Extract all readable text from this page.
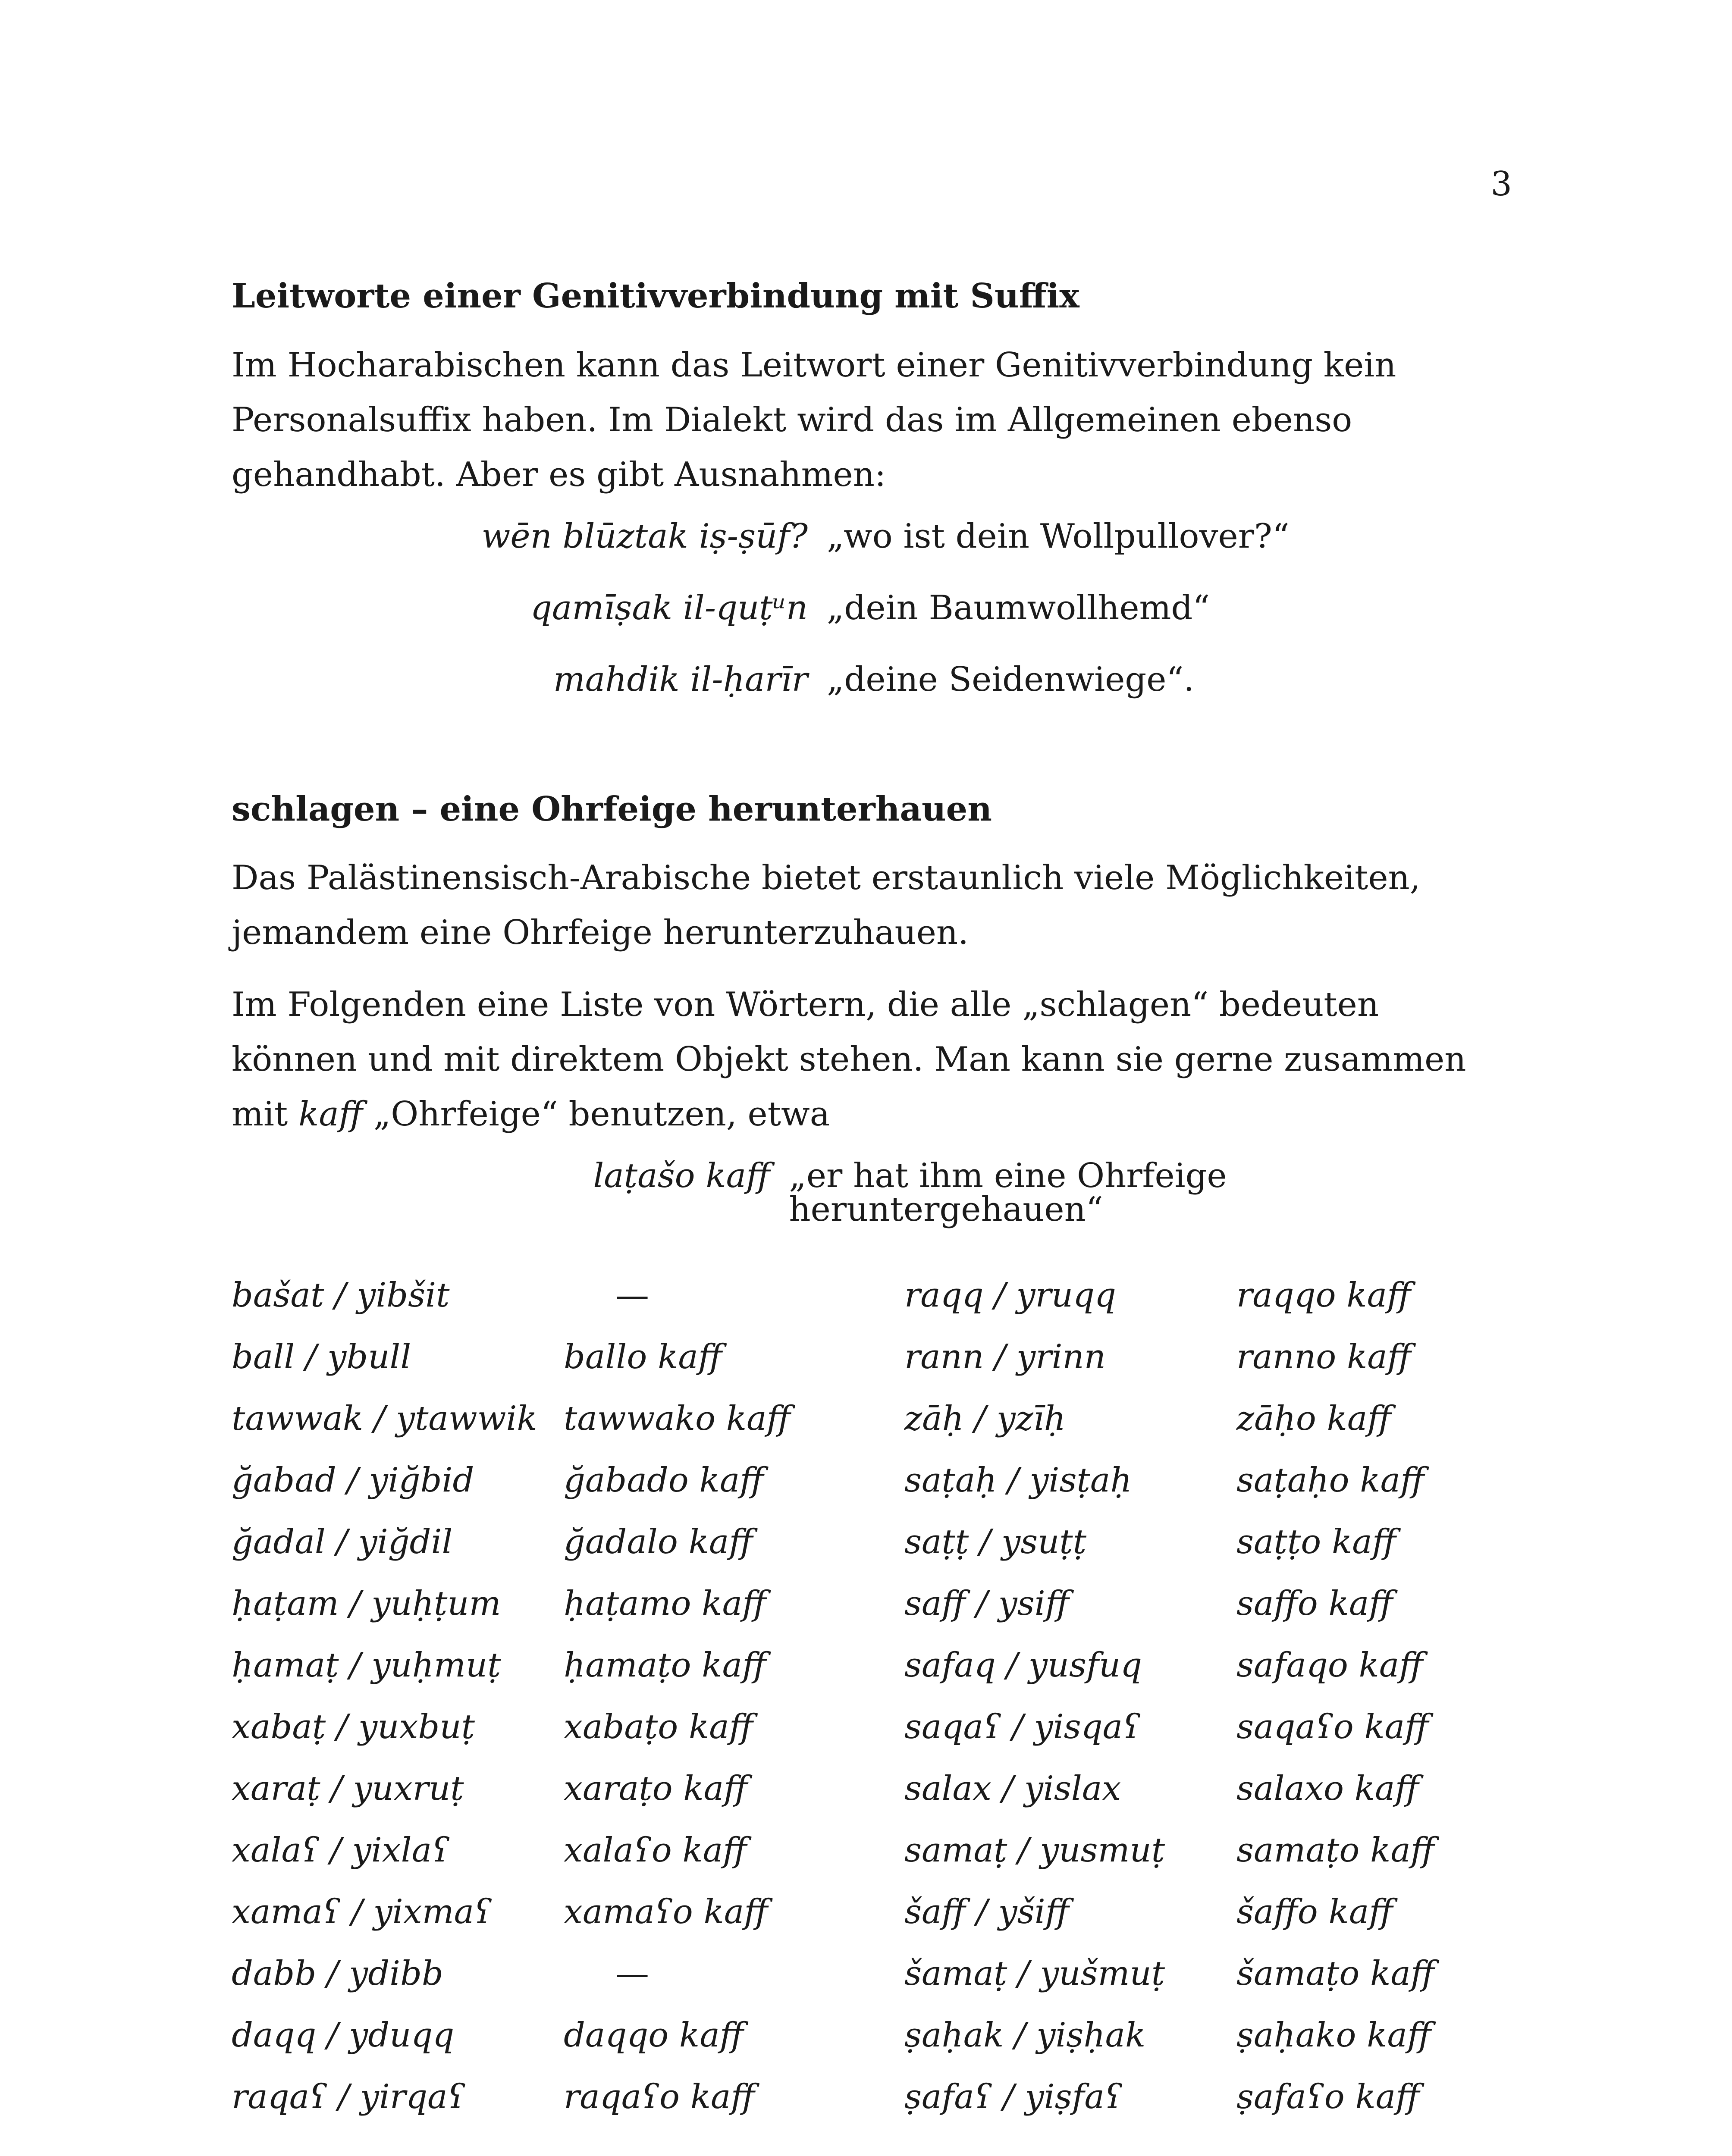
3
Leitworte einer Genitivverbindung mit Suffix

Im Hocharabischen kann das Leitwort einer Genitivverbindung kein Personalsuffix haben. Im Dialekt wird das im Allgemeinen ebenso gehandhabt. Aber es gibt Ausnahmen:

wēn blūztak iṣ-ṣūf? „wo ist dein Wollpullover?“
qamīṣak il-quṭᵘn „dein Baumwollhemd“
mahdik il-ḥarīr „deine Seidenwiege“.
schlagen – eine Ohrfeige herunterhauen

Das Palästinensisch-Arabische bietet erstaunlich viele Möglichkeiten, jemandem eine Ohrfeige herunterzuhauen.

Im Folgenden eine Liste von Wörtern, die alle „schlagen“ bedeuten können und mit direktem Objekt stehen. Man kann sie gerne zusammen mit kaff „Ohrfeige“ benutzen, etwa

laṭašo kaff „er hat ihm eine Ohrfeige heruntergehauen“
bašat / yibšit	—	raqq / yruqq	raqqo kaff
ball / ybull	ballo kaff	rann / yrinn	ranno kaff
tawwak / ytawwik tawwako kaff	zāḥ / yzīḥ	zāḥo kaff
ğabad / yiğbid	ğabado kaff	saṭaḥ / yisṭaḥ	saṭaḥo kaff
ğadal / yiğdil	ğadalo kaff	saṭṭ / ysuṭṭ	saṭṭo kaff
ḥaṭam / yuḥṭum	ḥaṭamo kaff	saff / ysiff	saffo kaff
ḥamaṭ / yuḥmuṭ	ḥamaṭo kaff	safaq / yusfuq	safaqo kaff
xabaṭ / yuxbuṭ	xabaṭo kaff	saqaʕ / yisqaʕ	saqaʕo kaff
xaraṭ / yuxruṭ	xaraṭo kaff	salax / yislax	salaxo kaff
xalaʕ / yixlaʕ	xalaʕo kaff	samaṭ / yusmuṭ	samaṭo kaff
xamaʕ / yixmaʕ	xamaʕo kaff	šaff / yšiff	šaffo kaff
dabb / ydibb	—	šamaṭ / yušmuṭ	šamaṭo kaff
daqq / yduqq	daqqo kaff	ṣaḥak / yiṣḥak	ṣaḥako kaff
raqaʕ / yirqaʕ	raqaʕo kaff	ṣafaʕ / yiṣfaʕ	ṣafaʕo kaff
